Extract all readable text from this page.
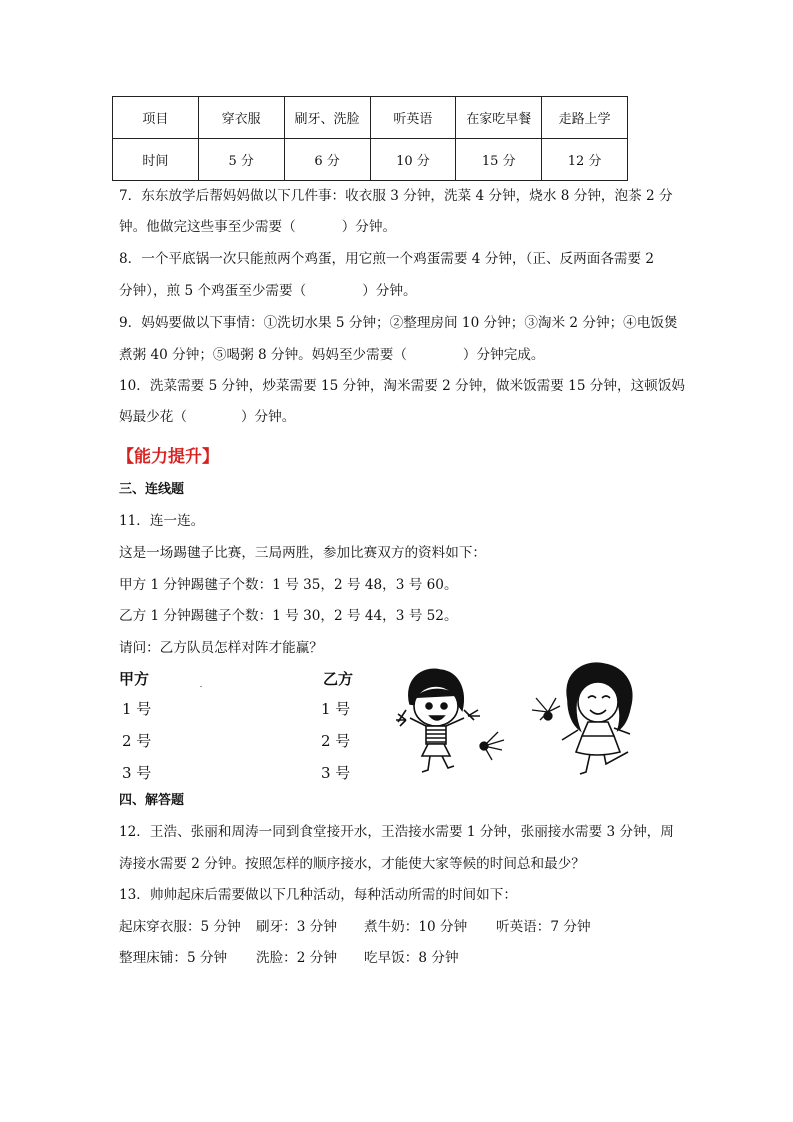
项目	穿衣服	刷牙、洗脸	听英语	在家吃早餐	走路上学
时间	5 分	6 分	10 分	15 分	12 分
7．东东放学后帮妈妈做以下几件事：收衣服 3 分钟，洗菜 4 分钟，烧水 8 分钟，泡茶 2 分
钟。他做完这些事至少需要（	）分钟。
8．一个平底锅一次只能煎两个鸡蛋，用它煎一个鸡蛋需要 4 分钟，（正、反两面各需要 2
分钟），煎 5 个鸡蛋至少需要（	）分钟。
9．妈妈要做以下事情：①洗切水果 5 分钟；②整理房间 10 分钟；③淘米 2 分钟；④电饭煲
煮粥 40 分钟；⑤喝粥 8 分钟。妈妈至少需要（	）分钟完成。
10．洗菜需要 5 分钟，炒菜需要 15 分钟，淘米需要 2 分钟，做米饭需要 15 分钟，这顿饭妈
妈最少花（	）分钟。
【能力提升】
三、连线题
11．连一连。
这是一场踢毽子比赛，三局两胜，参加比赛双方的资料如下：
甲方 1 分钟踢毽子个数：1 号 35，2 号 48，3 号 60。
乙方 1 分钟踢毽子个数：1 号 30，2 号 44，3 号 52。
请问：乙方队员怎样对阵才能赢？
甲方	乙方
1 号
2 号
3 号
1 号
2 号
3 号
四、解答题
12．王浩、张丽和周涛一同到食堂接开水，王浩接水需要 1 分钟，张丽接水需要 3 分钟，周
涛接水需要 2 分钟。按照怎样的顺序接水，才能使大家等候的时间总和最少？
13．帅帅起床后需要做以下几种活动，每种活动所需的时间如下：
起床穿衣服：5 分钟 刷牙：3 分钟 煮牛奶：10 分钟 听英语：7 分钟
整理床铺：5 分钟 洗脸：2 分钟 吃早饭：8 分钟
